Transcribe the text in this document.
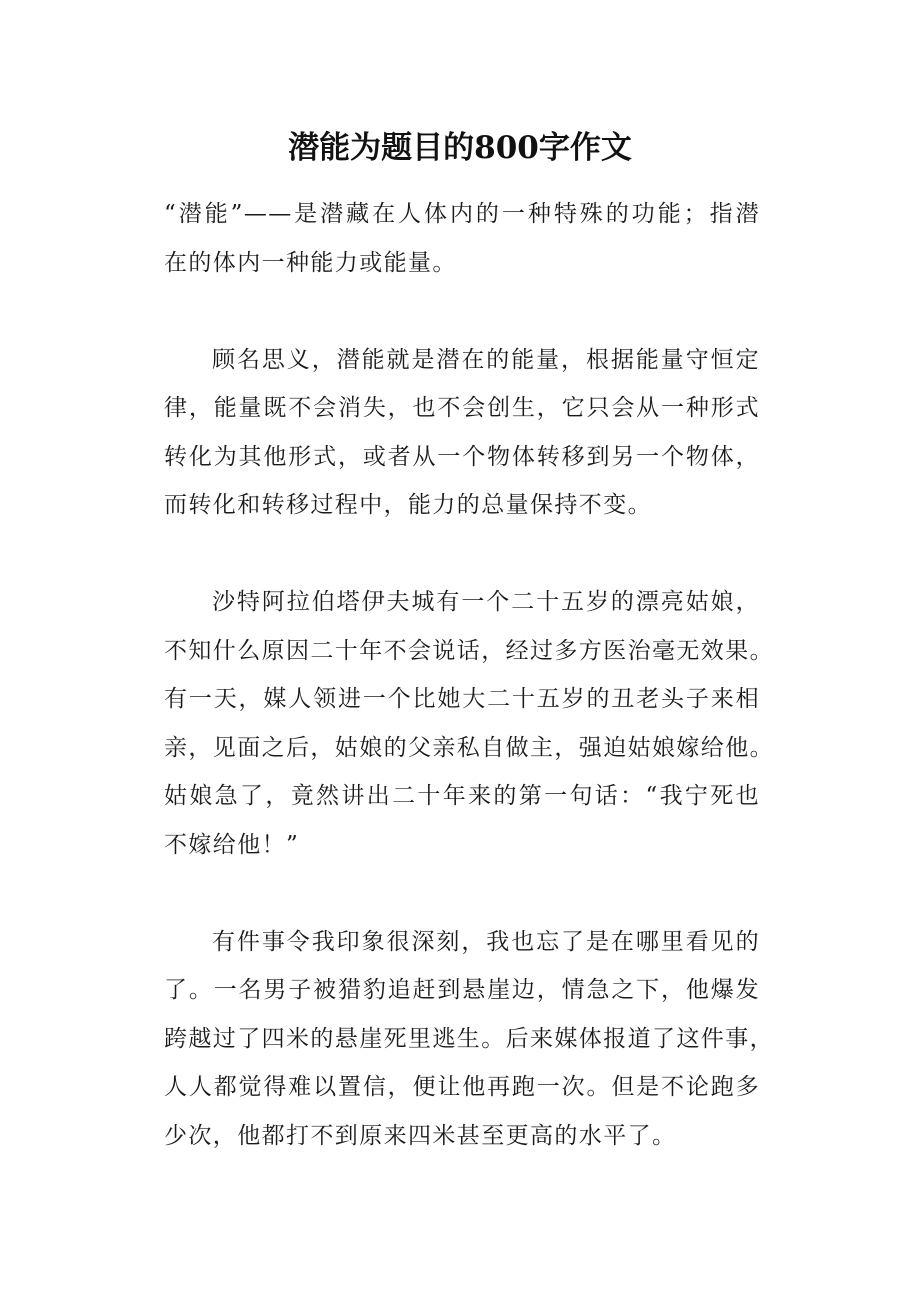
潜能为题目的800字作文

“潜能”——是潜藏在人体内的一种特殊的功能；指潜
在的体内一种能力或能量。

顾名思义，潜能就是潜在的能量，根据能量守恒定
律，能量既不会消失，也不会创生，它只会从一种形式
转化为其他形式，或者从一个物体转移到另一个物体，
而转化和转移过程中，能力的总量保持不变。

沙特阿拉伯塔伊夫城有一个二十五岁的漂亮姑娘，
不知什么原因二十年不会说话，经过多方医治毫无效果。
有一天，媒人领进一个比她大二十五岁的丑老头子来相
亲，见面之后，姑娘的父亲私自做主，强迫姑娘嫁给他。
姑娘急了，竟然讲出二十年来的第一句话：“我宁死也
不嫁给他！”

有件事令我印象很深刻，我也忘了是在哪里看见的
了。一名男子被猎豹追赶到悬崖边，情急之下，他爆发
跨越过了四米的悬崖死里逃生。后来媒体报道了这件事，
人人都觉得难以置信，便让他再跑一次。但是不论跑多
少次，他都打不到原来四米甚至更高的水平了。
